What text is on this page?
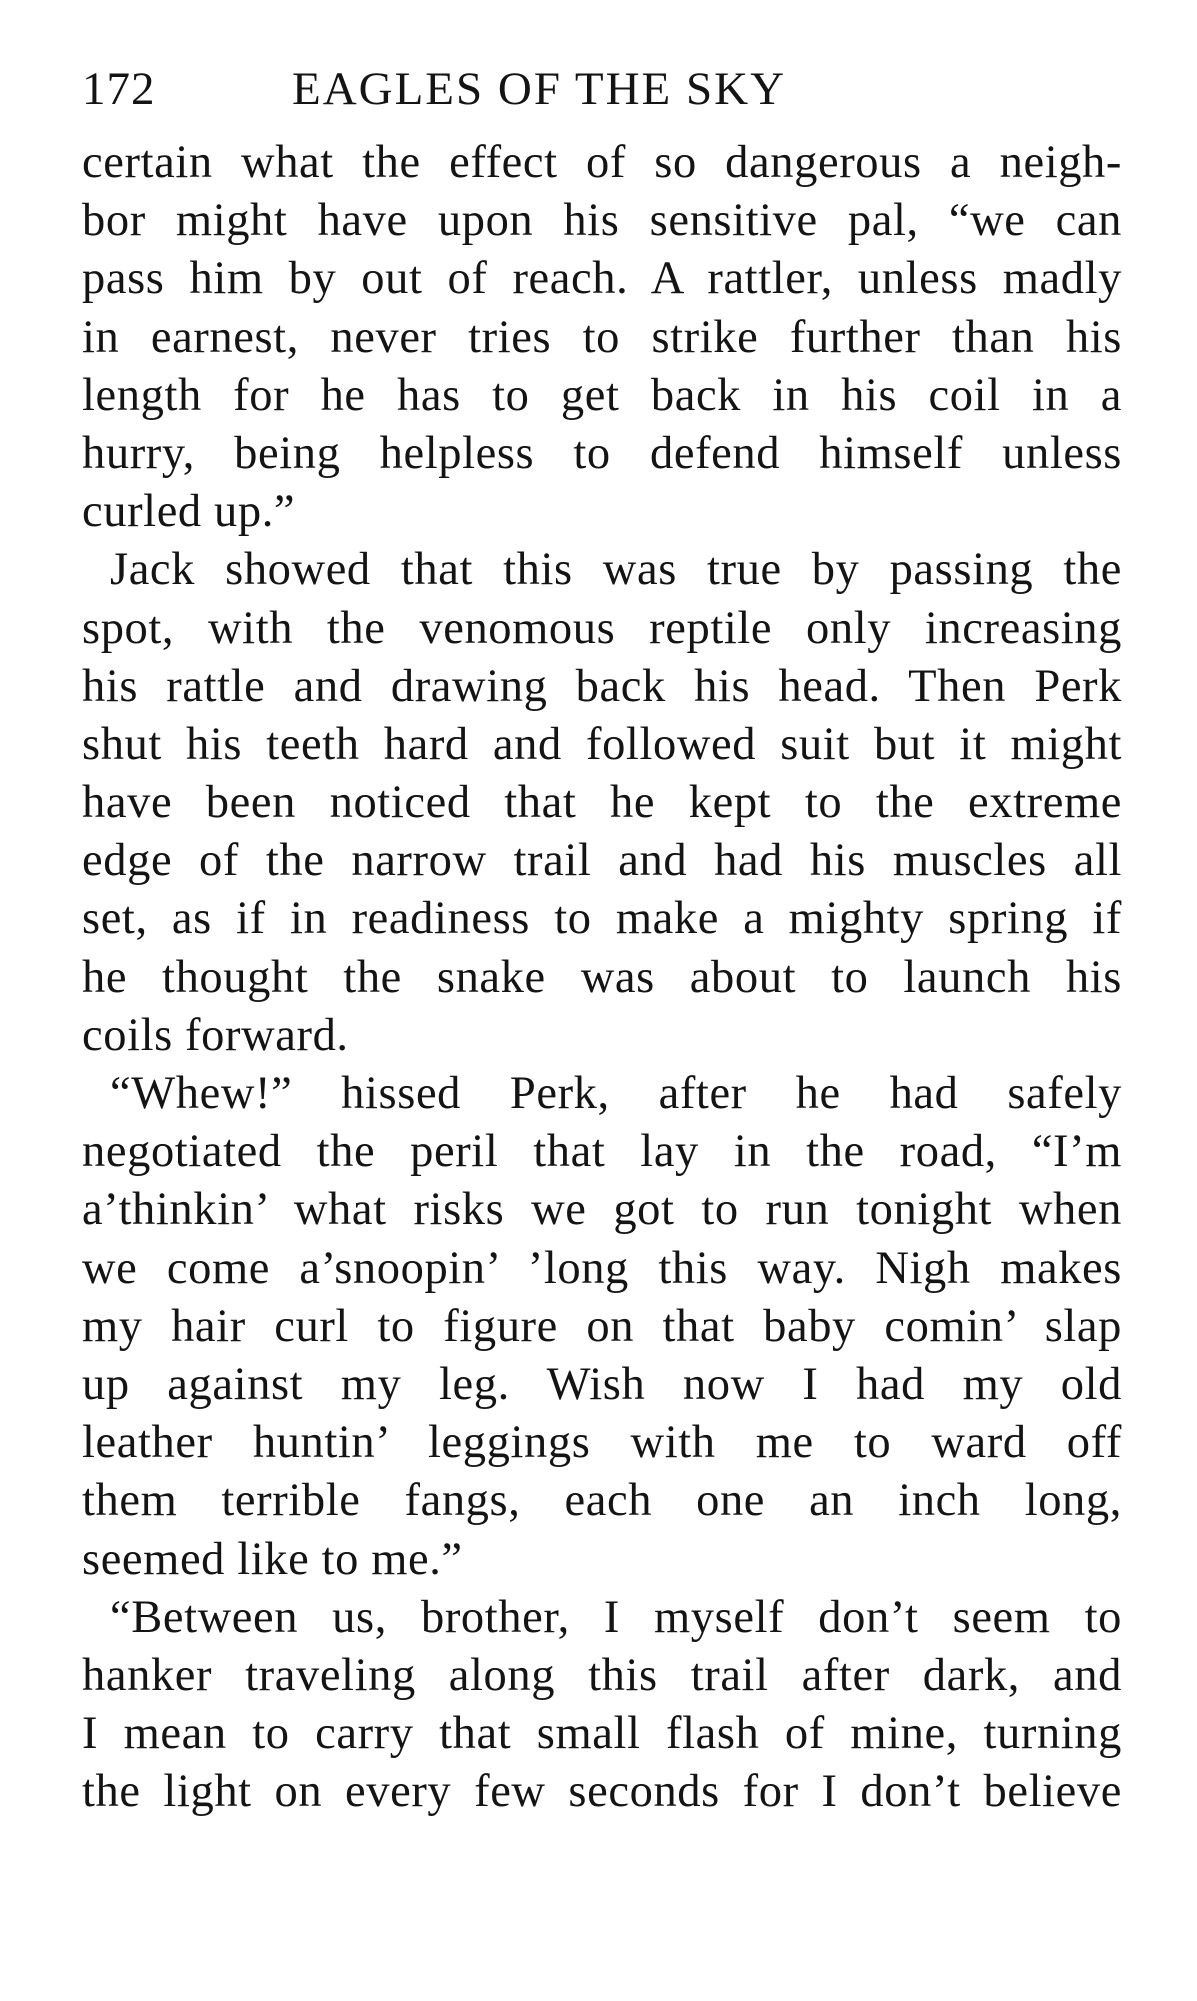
172	EAGLES OF THE SKY
certain what the effect of so dangerous a neigh-
bor might have upon his sensitive pal, “we can
pass him by out of reach. A rattler, unless madly
in earnest, never tries to strike further than his
length for he has to get back in his coil in a
hurry, being helpless to defend himself unless
curled up.”
Jack showed that this was true by passing the
spot, with the venomous reptile only increasing
his rattle and drawing back his head. Then Perk
shut his teeth hard and followed suit but it might
have been noticed that he kept to the extreme
edge of the narrow trail and had his muscles all
set, as if in readiness to make a mighty spring if
he thought the snake was about to launch his
coils forward.
“Whew!” hissed Perk, after he had safely
negotiated the peril that lay in the road, “I’m
a’thinkin’ what risks we got to run tonight when
we come a’snoopin’ ’long this way. Nigh makes
my hair curl to figure on that baby comin’ slap
up against my leg. Wish now I had my old
leather huntin’ leggings with me to ward off
them terrible fangs, each one an inch long,
seemed like to me.”
“Between us, brother, I myself don’t seem to
hanker traveling along this trail after dark, and
I mean to carry that small flash of mine, turning
the light on every few seconds for I don’t believe
